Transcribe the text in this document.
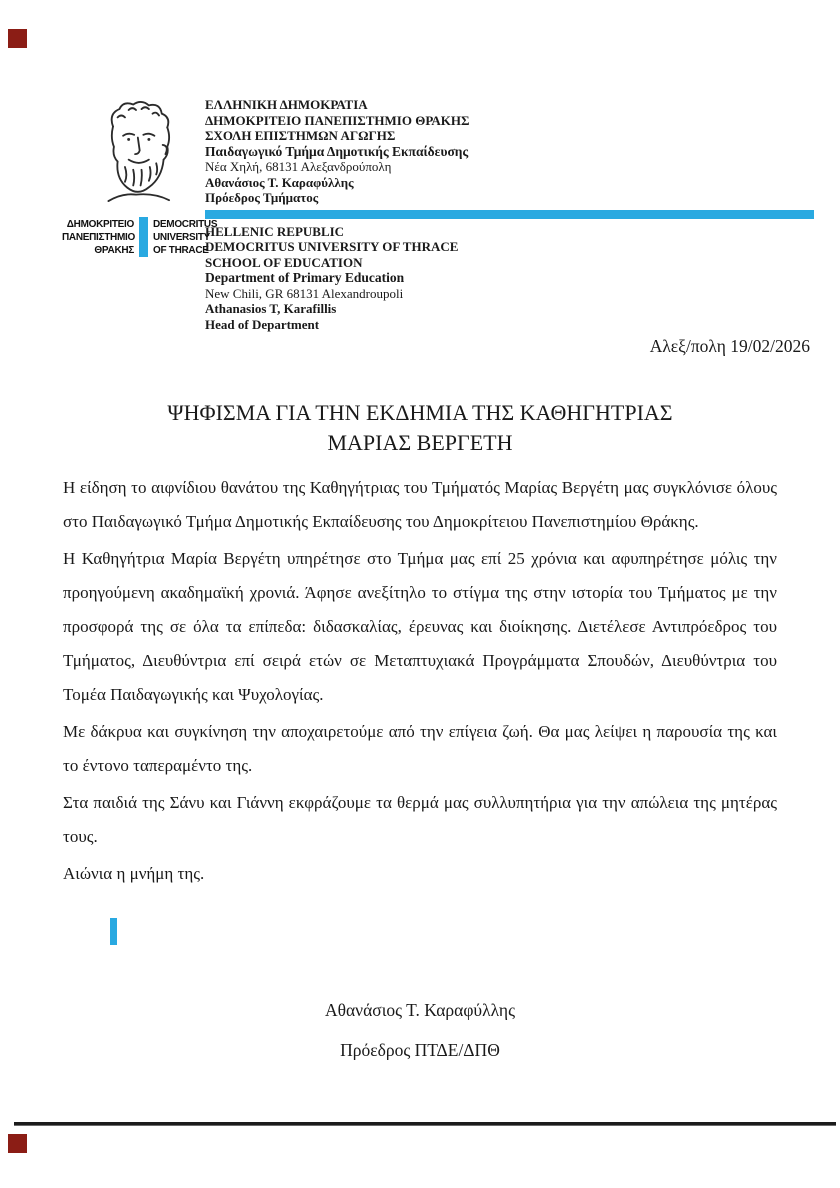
ΔΗΜΟΚΡΙΤΕΙΟ
ΠΑΝΕΠΙΣΤΗΜΙΟ
ΘΡΑΚΗΣ
DEMOCRITUS
UNIVERSITY
OF THRACE
ΕΛΛΗΝΙΚΗ ΔΗΜΟΚΡΑΤΙΑ
ΔΗΜΟΚΡΙΤΕΙΟ ΠΑΝΕΠΙΣΤΗΜΙΟ ΘΡΑΚΗΣ
ΣΧΟΛΗ ΕΠΙΣΤΗΜΩΝ ΑΓΩΓΗΣ
Παιδαγωγικό Τμήμα Δημοτικής Εκπαίδευσης
Νέα Χηλή, 68131 Αλεξανδρούπολη
Αθανάσιος Τ. Καραφύλλης
Πρόεδρος Τμήματος
HELLENIC REPUBLIC
DEMOCRITUS UNIVERSITY OF THRACE
SCHOOL OF EDUCATION
Department of Primary Education
New Chili, GR 68131 Alexandroupoli
Athanasios T, Karafillis
Head of Department
Αλεξ/πολη 19/02/2026
ΨΗΦΙΣΜΑ ΓΙΑ ΤΗΝ ΕΚΔΗΜΙΑ ΤΗΣ ΚΑΘΗΓΗΤΡΙΑΣ
ΜΑΡΙΑΣ ΒΕΡΓΕΤΗ

Η είδηση το αιφνίδιου θανάτου της Καθηγήτριας του Τμήματός Μαρίας Βεργέτη μας συγκλόνισε όλους στο Παιδαγωγικό Τμήμα Δημοτικής Εκπαίδευσης του Δημοκρίτειου Πανεπιστημίου Θράκης.

Η Καθηγήτρια Μαρία Βεργέτη υπηρέτησε στο Τμήμα μας επί 25 χρόνια και αφυπηρέτησε μόλις την προηγούμενη ακαδημαϊκή χρονιά. Άφησε ανεξίτηλο το στίγμα της στην ιστορία του Τμήματος με την προσφορά της σε όλα τα επίπεδα: διδασκαλίας, έρευνας και διοίκησης. Διετέλεσε Αντιπρόεδρος του Τμήματος, Διευθύντρια επί σειρά ετών σε Μεταπτυχιακά Προγράμματα Σπουδών, Διευθύντρια του Τομέα Παιδαγωγικής και Ψυχολογίας.

Με δάκρυα και συγκίνηση την αποχαιρετούμε από την επίγεια ζωή. Θα μας λείψει η παρουσία της και το έντονο ταπεραμέντο της.

Στα παιδιά της Σάνυ και Γιάννη εκφράζουμε τα θερμά μας συλλυπητήρια για την απώλεια της μητέρας τους.

Αιώνια η μνήμη της.

Αθανάσιος Τ. Καραφύλλης
Πρόεδρος ΠΤΔΕ/ΔΠΘ
